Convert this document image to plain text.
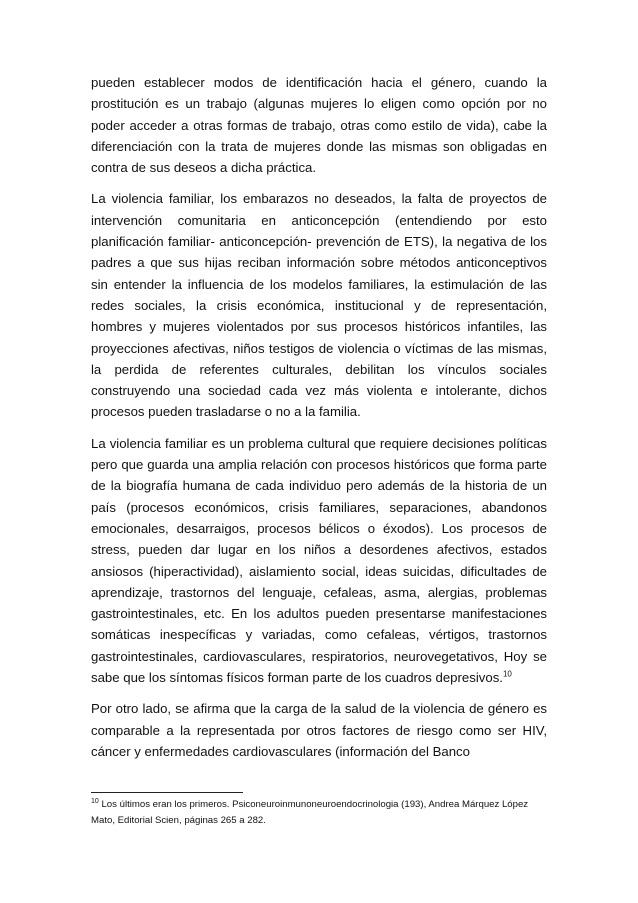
pueden establecer modos de identificación hacia el género, cuando la prostitución es un trabajo (algunas mujeres lo eligen como opción por no poder acceder a otras formas de trabajo, otras como estilo de vida), cabe la diferenciación con la trata de mujeres donde las mismas son obligadas en contra de sus deseos a dicha práctica.

La violencia familiar, los embarazos no deseados, la falta de proyectos de intervención comunitaria en anticoncepción (entendiendo por esto planificación familiar- anticoncepción- prevención de ETS), la negativa de los padres a que sus hijas reciban información sobre métodos anticonceptivos sin entender la influencia de los modelos familiares, la estimulación de las redes sociales, la crisis económica, institucional y de representación, hombres y mujeres violentados por sus procesos históricos infantiles, las proyecciones afectivas, niños testigos de violencia o víctimas de las mismas, la perdida de referentes culturales, debilitan los vínculos sociales construyendo una sociedad cada vez más violenta e intolerante, dichos procesos pueden trasladarse o no a la familia.

La violencia familiar es un problema cultural que requiere decisiones políticas pero que guarda una amplia relación con procesos históricos que forma parte de la biografía humana de cada individuo pero además de la historia de un país (procesos económicos, crisis familiares, separaciones, abandonos emocionales, desarraigos, procesos bélicos o éxodos). Los procesos de stress, pueden dar lugar en los niños a desordenes afectivos, estados ansiosos (hiperactividad), aislamiento social, ideas suicidas, dificultades de aprendizaje, trastornos del lenguaje, cefaleas, asma, alergias, problemas gastrointestinales, etc. En los adultos pueden presentarse manifestaciones somáticas inespecíficas y variadas, como cefaleas, vértigos, trastornos gastrointestinales, cardiovasculares, respiratorios, neurovegetativos, Hoy se sabe que los síntomas físicos forman parte de los cuadros depresivos.$^{10}$

Por otro lado, se afirma que la carga de la salud de la violencia de género es comparable a la representada por otros factores de riesgo como ser HIV, cáncer y enfermedades cardiovasculares (información del Banco

$^{10}$ Los últimos eran los primeros. Psiconeuroinmunoneuroendocrinologia (193), Andrea Márquez López Mato, Editorial Scien, páginas 265 a 282.
